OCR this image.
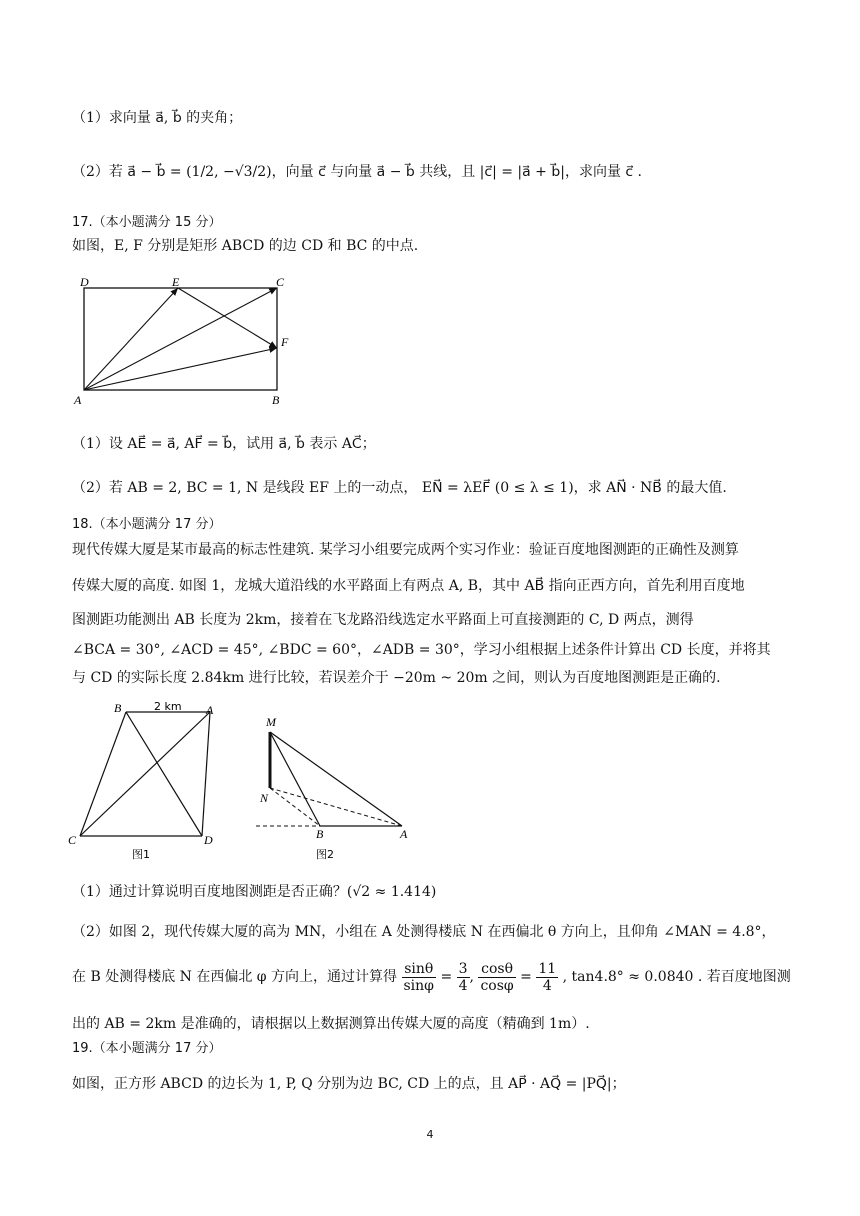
（1）求向量 a⃗, b⃗ 的夹角；
（2）若 a⃗ − b⃗ = (1/2, −√3/2)，向量 c⃗ 与向量 a⃗ − b⃗ 共线，且 |c⃗| = |a⃗ + b⃗|，求向量 c⃗ .
17.（本小题满分 15 分）
如图，E, F 分别是矩形 ABCD 的边 CD 和 BC 的中点.
D	E	C
F
A	B
（1）设 AE⃗ = a⃗, AF⃗ = b⃗，试用 a⃗, b⃗ 表示 AC⃗；
（2）若 AB = 2, BC = 1, N 是线段 EF 上的一动点， EN⃗ = λEF⃗ (0 ≤ λ ≤ 1)，求 AN⃗ · NB⃗ 的最大值.
18.（本小题满分 17 分）
现代传媒大厦是某市最高的标志性建筑. 某学习小组要完成两个实习作业：验证百度地图测距的正确性及测算
传媒大厦的高度. 如图 1，龙城大道沿线的水平路面上有两点 A, B，其中 AB⃗ 指向正西方向，首先利用百度地
图测距功能测出 AB 长度为 2km，接着在飞龙路沿线选定水平路面上可直接测距的 C, D 两点，测得
∠BCA = 30°, ∠ACD = 45°, ∠BDC = 60°，∠ADB = 30°，学习小组根据上述条件计算出 CD 长度，并将其
与 CD 的实际长度 2.84km 进行比较，若误差介于 −20m ~ 20m 之间，则认为百度地图测距是正确的.
B	2 km A
C	D
图1
M
N
B	A
图2
（1）通过计算说明百度地图测距是否正确？(√2 ≈ 1.414)
（2）如图 2，现代传媒大厦的高为 MN，小组在 A 处测得楼底 N 在西偏北 θ 方向上，且仰角 ∠MAN = 4.8°，
在 B 处测得楼底 N 在西偏北 φ 方向上，通过计算得 $\frac{\sin\theta}{\sin\varphi} = \frac{3}{4}$ , $\frac{\cos\theta}{\cos\varphi} = \frac{11}{4}$ , tan4.8° ≈ 0.0840 . 若百度地图测
出的 AB = 2km 是准确的，请根据以上数据测算出传媒大厦的高度（精确到 1m）.
19.（本小题满分 17 分）
如图，正方形 ABCD 的边长为 1, P, Q 分别为边 BC, CD 上的点，且 AP⃗ · AQ⃗ = |PQ⃗|；
4
